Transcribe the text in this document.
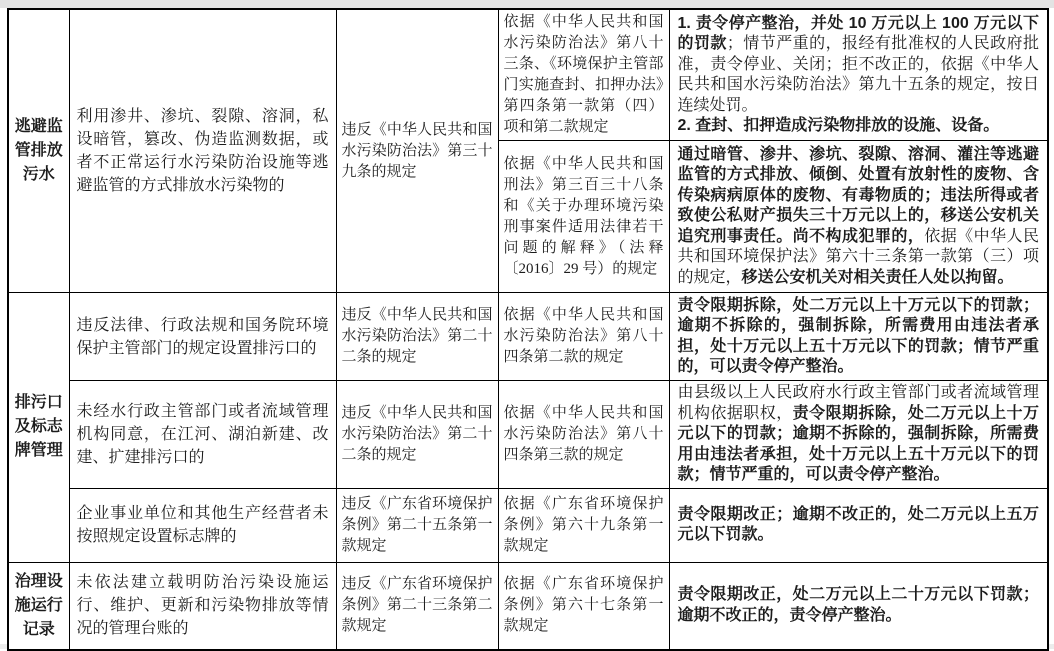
逃避监管排放污水	利用渗井、渗坑、裂隙、溶洞，私设暗管，篡改、伪造监测数据，或者不正常运行水污染防治设施等逃避监管的方式排放水污染物的	违反《中华人民共和国水污染防治法》第三十九条的规定	依据《中华人民共和国水污染防治法》第八十三条、《环境保护主管部门实施查封、扣押办法》第四条第一款第（四）项和第二款规定	1. 责令停产整治，并处 10 万元以上 100 万元以下的罚款；情节严重的，报经有批准权的人民政府批准，责令停业、关闭；拒不改正的，依据《中华人民共和国水污染防治法》第九十五条的规定，按日连续处罚。
2. 查封、扣押造成污染物排放的设施、设备。

			依据《中华人民共和国刑法》第三百三十八条和《关于办理环境污染刑事案件适用法律若干问题的解释》（法释〔2016〕29 号）的规定	通过暗管、渗井、渗坑、裂隙、溶洞、灌注等逃避监管的方式排放、倾倒、处置有放射性的废物、含传染病病原体的废物、有毒物质的；违法所得或者致使公私财产损失三十万元以上的，移送公安机关追究刑事责任。尚不构成犯罪的，依据《中华人民共和国环境保护法》第六十三条第一款第（三）项的规定，移送公安机关对相关责任人处以拘留。

排污口及标志牌管理	违反法律、行政法规和国务院环境保护主管部门的规定设置排污口的	违反《中华人民共和国水污染防治法》第二十二条的规定	依据《中华人民共和国水污染防治法》第八十四条第二款的规定	责令限期拆除，处二万元以上十万元以下的罚款；逾期不拆除的，强制拆除，所需费用由违法者承担，处十万元以上五十万元以下的罚款；情节严重的，可以责令停产整治。

	未经水行政主管部门或者流域管理机构同意，在江河、湖泊新建、改建、扩建排污口的	违反《中华人民共和国水污染防治法》第二十二条的规定	依据《中华人民共和国水污染防治法》第八十四条第三款的规定	由县级以上人民政府水行政主管部门或者流域管理机构依据职权，责令限期拆除，处二万元以上十万元以下的罚款；逾期不拆除的，强制拆除，所需费用由违法者承担，处十万元以上五十万元以下的罚款；情节严重的，可以责令停产整治。

	企业事业单位和其他生产经营者未按照规定设置标志牌的	违反《广东省环境保护条例》第二十五条第一款规定	依据《广东省环境保护条例》第六十九条第一款规定	责令限期改正；逾期不改正的，处二万元以上五万元以下罚款。

治理设施运行记录	未依法建立载明防治污染设施运行、维护、更新和污染物排放等情况的管理台账的	违反《广东省环境保护条例》第二十三条第二款规定	依据《广东省环境保护条例》第六十七条第一款规定	责令限期改正，处二万元以上二十万元以下罚款；逾期不改正的，责令停产整治。
